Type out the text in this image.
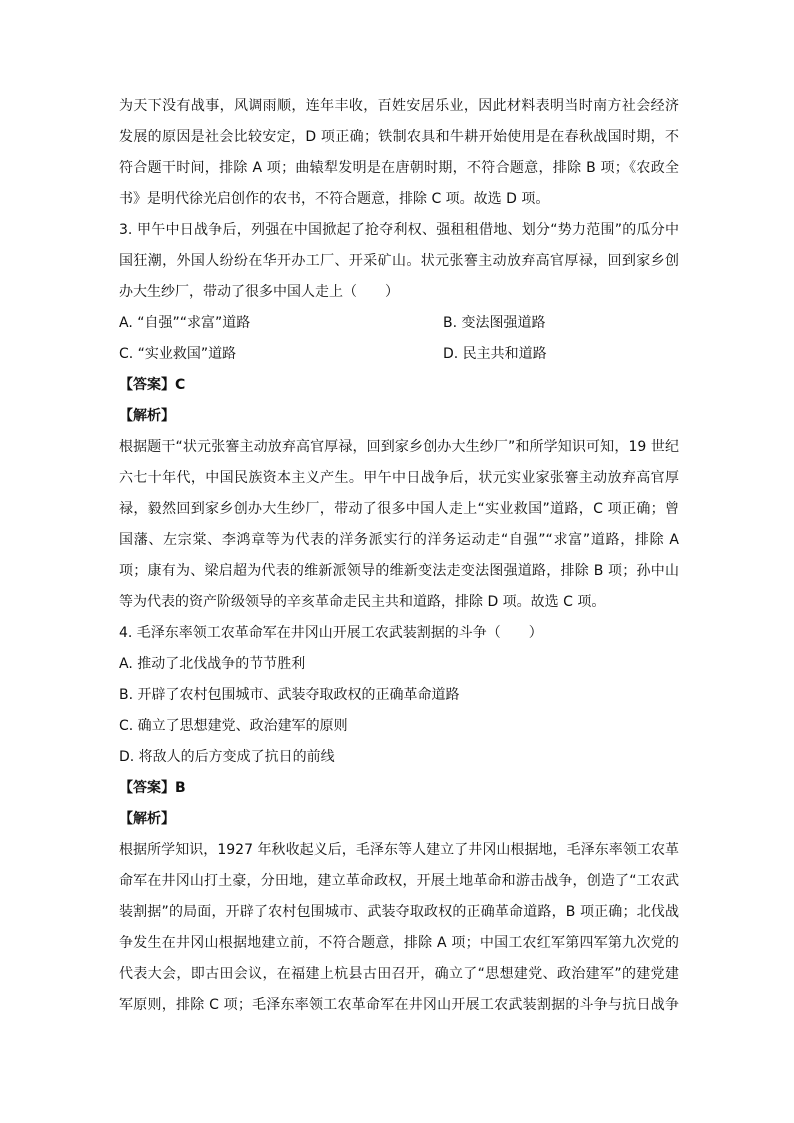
为天下没有战事，风调雨顺，连年丰收，百姓安居乐业，因此材料表明当时南方社会经济
发展的原因是社会比较安定，D 项正确；铁制农具和牛耕开始使用是在春秋战国时期，不
符合题干时间，排除 A 项；曲辕犁发明是在唐朝时期，不符合题意，排除 B 项；《农政全
书》是明代徐光启创作的农书，不符合题意，排除 C 项。故选 D 项。
3. 甲午中日战争后，列强在中国掀起了抢夺利权、强租租借地、划分“势力范围”的瓜分中
国狂潮，外国人纷纷在华开办工厂、开采矿山。状元张謇主动放弃高官厚禄，回到家乡创
办大生纱厂，带动了很多中国人走上（　　）
A. “自强”“求富”道路	B. 变法图强道路
C. “实业救国”道路	D. 民主共和道路
【答案】C
【解析】
根据题干“状元张謇主动放弃高官厚禄，回到家乡创办大生纱厂”和所学知识可知，19 世纪
六七十年代，中国民族资本主义产生。甲午中日战争后，状元实业家张謇主动放弃高官厚
禄，毅然回到家乡创办大生纱厂，带动了很多中国人走上“实业救国”道路，C 项正确；曾
国藩、左宗棠、李鸿章等为代表的洋务派实行的洋务运动走“自强”“求富”道路，排除 A
项；康有为、梁启超为代表的维新派领导的维新变法走变法图强道路，排除 B 项；孙中山
等为代表的资产阶级领导的辛亥革命走民主共和道路，排除 D 项。故选 C 项。
4. 毛泽东率领工农革命军在井冈山开展工农武装割据的斗争（　　）
A. 推动了北伐战争的节节胜利
B. 开辟了农村包围城市、武装夺取政权的正确革命道路
C. 确立了思想建党、政治建军的原则
D. 将敌人的后方变成了抗日的前线
【答案】B
【解析】
根据所学知识，1927 年秋收起义后，毛泽东等人建立了井冈山根据地，毛泽东率领工农革
命军在井冈山打土豪，分田地，建立革命政权，开展土地革命和游击战争，创造了“工农武
装割据”的局面，开辟了农村包围城市、武装夺取政权的正确革命道路，B 项正确；北伐战
争发生在井冈山根据地建立前，不符合题意，排除 A 项；中国工农红军第四军第九次党的
代表大会，即古田会议，在福建上杭县古田召开，确立了“思想建党、政治建军”的建党建
军原则，排除 C 项；毛泽东率领工农革命军在井冈山开展工农武装割据的斗争与抗日战争
